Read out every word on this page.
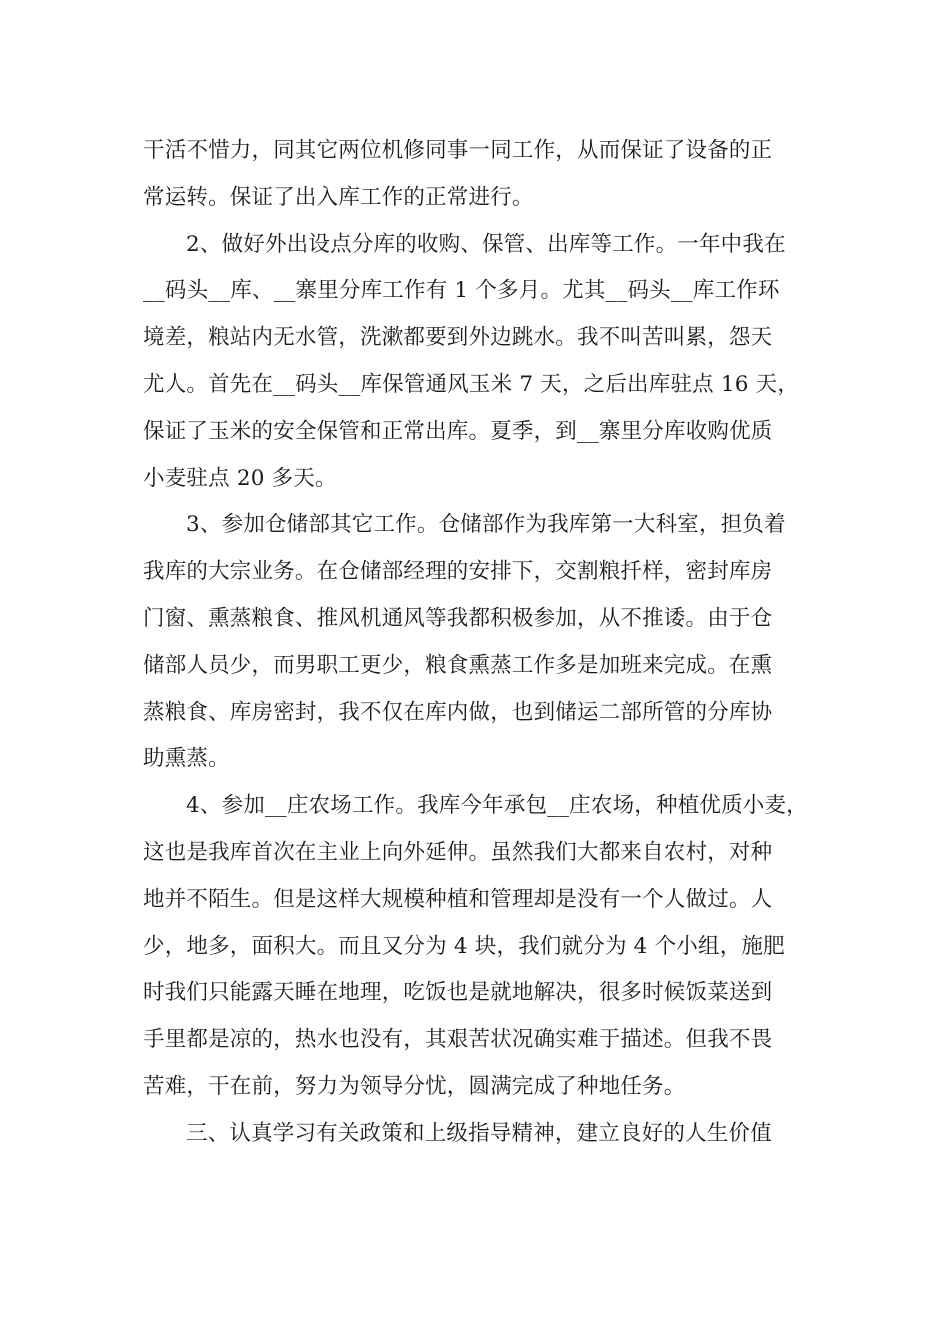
干活不惜力，同其它两位机修同事一同工作，从而保证了设备的正
常运转。保证了出入库工作的正常进行。

2、做好外出设点分库的收购、保管、出库等工作。一年中我在
__码头__库、__寨里分库工作有 1 个多月。尤其__码头__库工作环
境差，粮站内无水管，洗漱都要到外边跳水。我不叫苦叫累，怨天
尤人。首先在__码头__库保管通风玉米 7 天，之后出库驻点 16 天，
保证了玉米的安全保管和正常出库。夏季，到__寨里分库收购优质
小麦驻点 20 多天。

3、参加仓储部其它工作。仓储部作为我库第一大科室，担负着
我库的大宗业务。在仓储部经理的安排下，交割粮扦样，密封库房
门窗、熏蒸粮食、推风机通风等我都积极参加，从不推诿。由于仓
储部人员少，而男职工更少，粮食熏蒸工作多是加班来完成。在熏
蒸粮食、库房密封，我不仅在库内做，也到储运二部所管的分库协
助熏蒸。

4、参加__庄农场工作。我库今年承包__庄农场，种植优质小麦，
这也是我库首次在主业上向外延伸。虽然我们大都来自农村，对种
地并不陌生。但是这样大规模种植和管理却是没有一个人做过。人
少，地多，面积大。而且又分为 4 块，我们就分为 4 个小组，施肥
时我们只能露天睡在地理，吃饭也是就地解决，很多时候饭菜送到
手里都是凉的，热水也没有，其艰苦状况确实难于描述。但我不畏
苦难，干在前，努力为领导分忧，圆满完成了种地任务。

三、认真学习有关政策和上级指导精神，建立良好的人生价值
